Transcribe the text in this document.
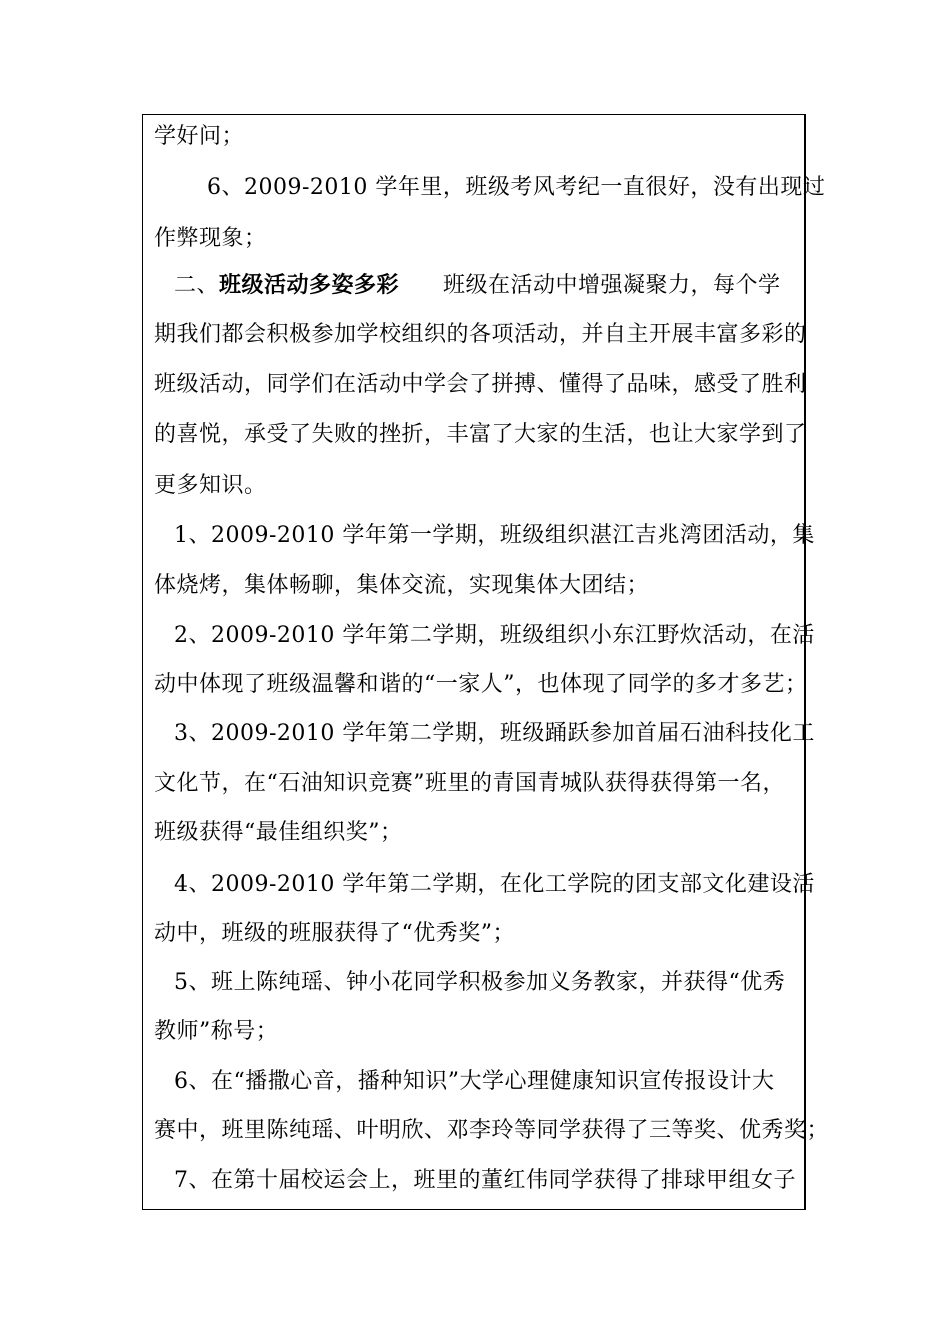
学好问；
6、2009-2010 学年里，班级考风考纪一直很好，没有出现过
作弊现象；
二、班级活动多姿多彩 班级在活动中增强凝聚力，每个学
期我们都会积极参加学校组织的各项活动，并自主开展丰富多彩的
班级活动，同学们在活动中学会了拼搏、懂得了品味，感受了胜利
的喜悦，承受了失败的挫折，丰富了大家的生活，也让大家学到了
更多知识。
1、2009-2010 学年第一学期，班级组织湛江吉兆湾团活动，集
体烧烤，集体畅聊，集体交流，实现集体大团结；
2、2009-2010 学年第二学期，班级组织小东江野炊活动，在活
动中体现了班级温馨和谐的“一家人”，也体现了同学的多才多艺；
3、2009-2010 学年第二学期，班级踊跃参加首届石油科技化工
文化节，在“石油知识竞赛”班里的青国青城队获得获得第一名，
班级获得“最佳组织奖”；
4、2009-2010 学年第二学期，在化工学院的团支部文化建设活
动中，班级的班服获得了“优秀奖”；
5、班上陈纯瑶、钟小花同学积极参加义务教家，并获得“优秀
教师”称号；
6、在“播撒心音，播种知识”大学心理健康知识宣传报设计大
赛中，班里陈纯瑶、叶明欣、邓李玲等同学获得了三等奖、优秀奖；
7、在第十届校运会上，班里的董红伟同学获得了排球甲组女子
